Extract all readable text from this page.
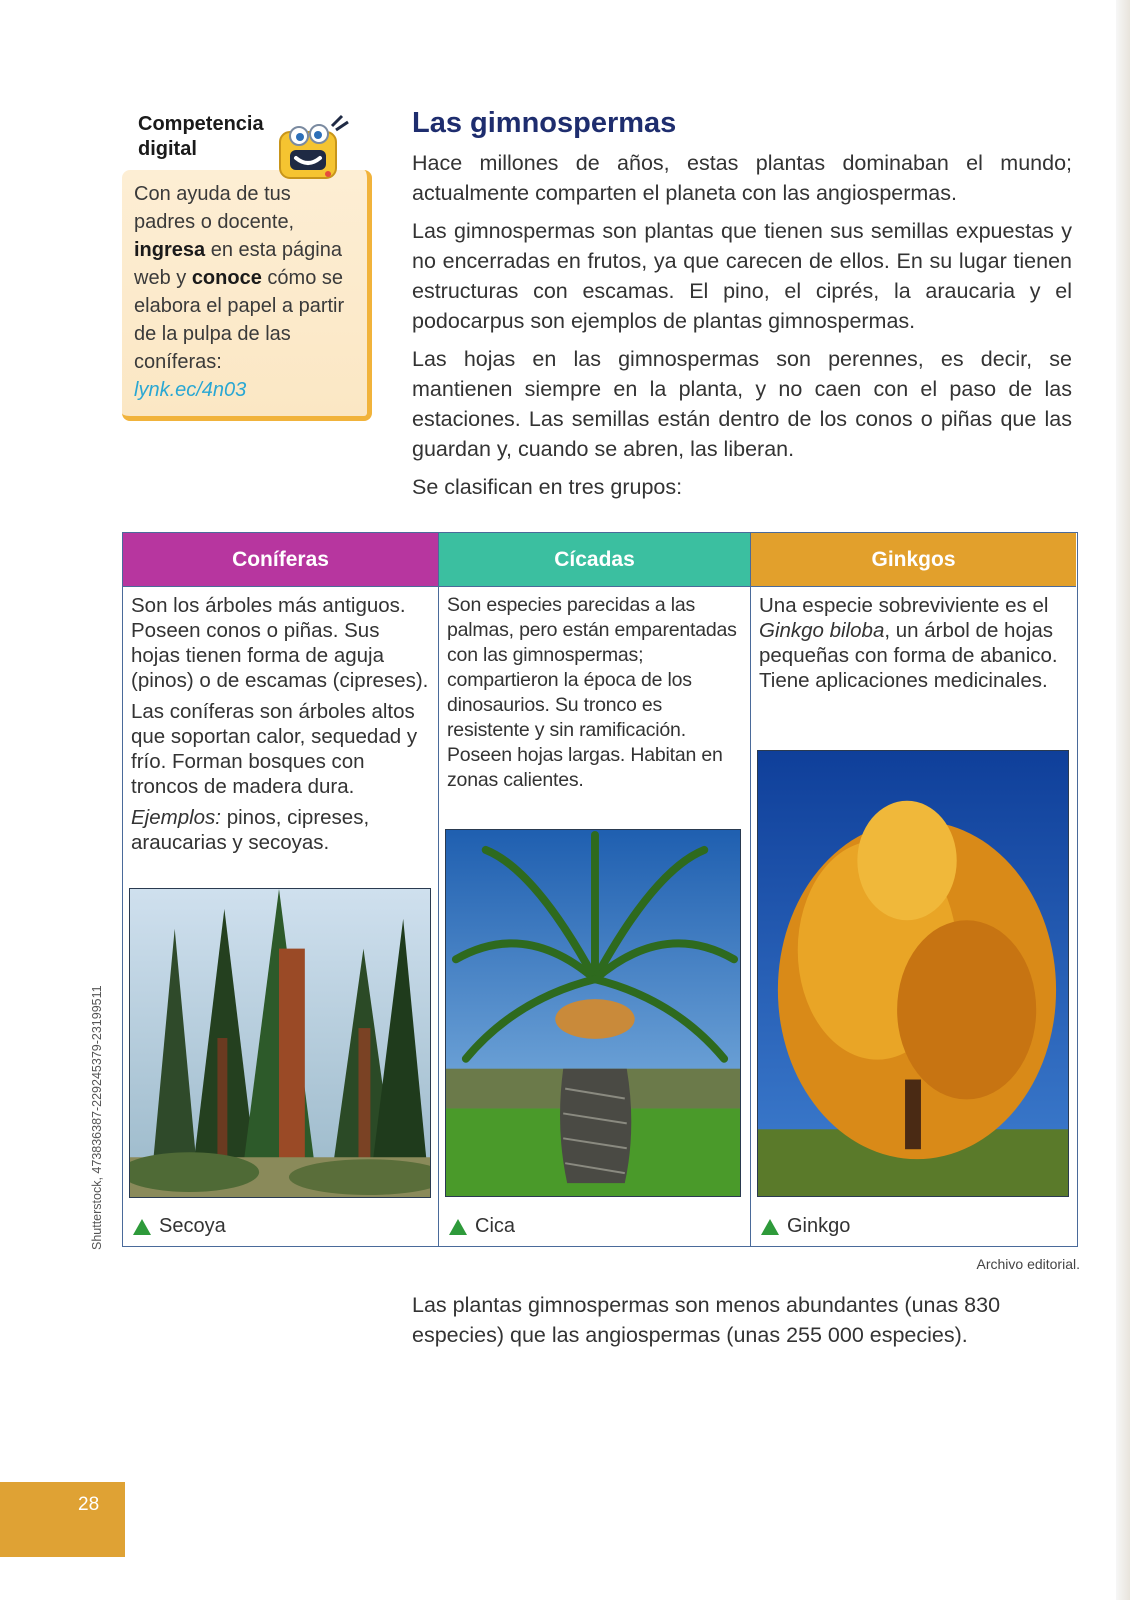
Competencia digital
Con ayuda de tus padres o docente, ingresa en esta página web y conoce cómo se elabora el papel a partir de la pulpa de las coníferas:
lynk.ec/4n03
Las gimnospermas

Hace millones de años, estas plantas dominaban el mundo; actualmente comparten el planeta con las angiospermas.

Las gimnospermas son plantas que tienen sus semillas expuestas y no encerradas en frutos, ya que carecen de ellos. En su lugar tienen estructuras con escamas. El pino, el ciprés, la araucaria y el podocarpus son ejemplos de plantas gimnospermas.

Las hojas en las gimnospermas son perennes, es decir, se mantienen siempre en la planta, y no caen con el paso de las estaciones. Las semillas están dentro de los conos o piñas que las guardan y, cuando se abren, las liberan.

Se clasifican en tres grupos:

Coníferas

Son los árboles más antiguos. Poseen conos o piñas. Sus hojas tienen forma de aguja (pinos) o de escamas (cipreses).

Las coníferas son árboles altos que soportan calor, sequedad y frío. Forman bosques con troncos de madera dura.

Ejemplos: pinos, cipreses, araucarias y secoyas.

Secoya
Cícadas

Son especies parecidas a las palmas, pero están emparentadas con las gimnospermas; compartieron la época de los dinosaurios. Su tronco es resistente y sin ramificación. Poseen hojas largas. Habitan en zonas calientes.

Cica
Ginkgos

Una especie sobreviviente es el Ginkgo biloba, un árbol de hojas pequeñas con forma de abanico. Tiene aplicaciones medicinales.

Ginkgo
Shutterstock, 473836387-229245379-23199511
Archivo editorial.

Las plantas gimnospermas son menos abundantes (unas 830 especies) que las angiospermas (unas 255 000 especies).

28
